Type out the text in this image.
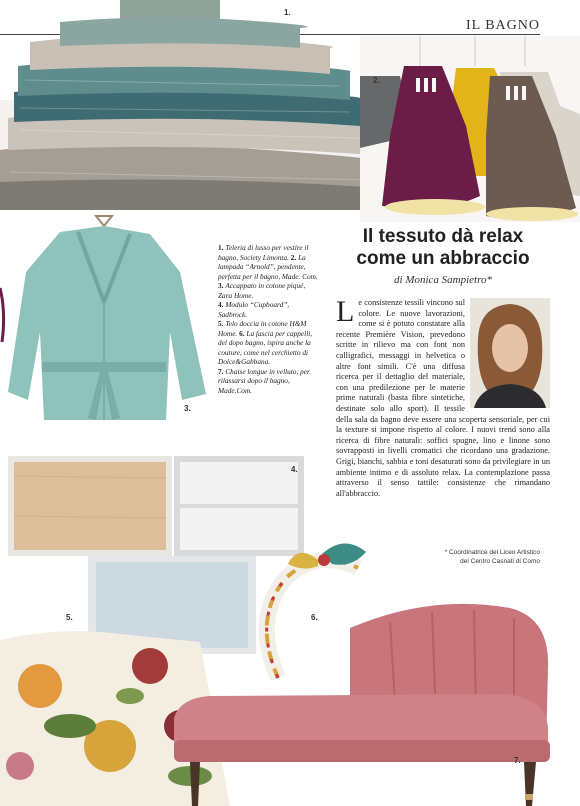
IL BAGNO
1.
2.
3.
4.
5.	6.
7.
Il tessuto dà relax
come un abbraccio
di Monica Sampietro*
1. Teleria di lusso per vestire il bagno, Society Limonta. 2. La lampada “Arnold”, pendente, perfetta per il bagno, Made. Com. 3. Accappato in cotone piqué, Zara Home.
4. Modulo “Cupboard”, Sadbrock.
5. Telo doccia in cotone H&M Home. 6. La fascia per cappelli, del dopo bagno, ispira anche la couture, come nel cerchietto di Dolce&Gabbana.
7. Chaise longue in velluto, per rilassarsi dopo il bagno, Made.Com.
Le consistenze tessili vincono sul colore. Le nuove lavorazioni, come si è potuto constatare alla recente Première Vision, prevedono scritte in rilievo ma con font non calligrafici, messaggi in helvetica o altre font simili. C'è una diffusa ricerca per il dettaglio del materiale, con una predilezione per le materie prime naturali (basta fibre sintetiche, destinate solo allo sport). Il tessile della sala da bagno deve essere una scoperta sensoriale, per cui la texture si impone rispetto al colore. I nuovi trend sono alla ricerca di fibre naturali: soffici spugne, lino e linone sono sovrapposti in livelli cromatici che ricordano una gradazione. Grigi, bianchi, sabbia e toni desaturati sono da privilegiare in un ambiente intimo e di assoluto relax. La contemplazione passa attraverso il senso tattile: consistenze che rimandano all'abbraccio.
* Coordinatrice del Liceo Artistico
del Centro Casnati di Como
